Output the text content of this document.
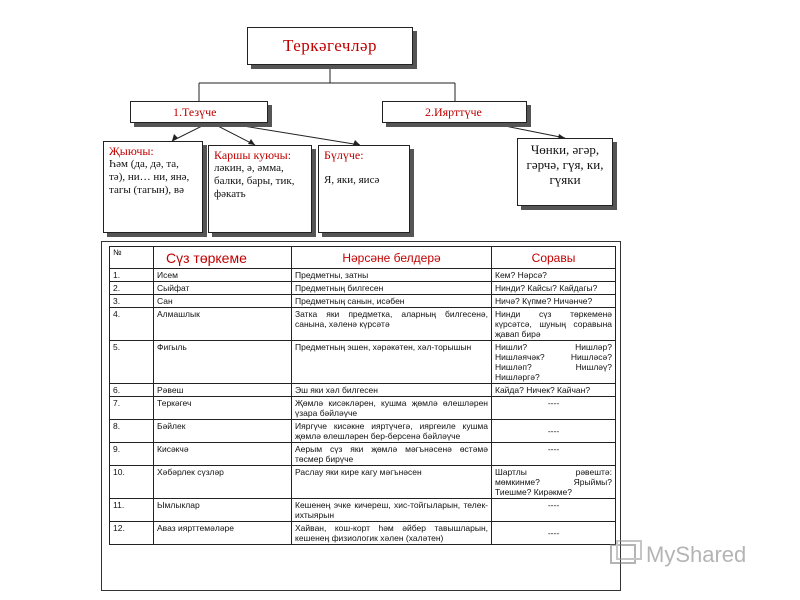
Теркәгечләр
1.Тезүче	2.Иярттүче
Җыючы:
Һәм (да, дә, та, тә), ни… ни, янә, тагы (тагын), вә
Каршы куючы:
ләкин, ә, әмма, балки, бары, тик, фәкать
Бүлүче:
Я, яки, яисә
Чөнки, әгәр, гәрчә, гүя, ки, гүяки
№	Сүз төркеме	Нәрсәне белдерә	Соравы
1.	Исем	Предметны, затны	Кем? Нәрсә?
2.	Сыйфат	Предметның билгесен	Нинди? Кайсы? Кайдагы?
3.	Сан	Предметның санын, исәбен	Ничә? Күпме? Ничәнче?
4.	Алмашлык	Затка яки предметка, аларның билгесенә, санына, хәленә күрсәтә	Нинди сүз төркеменә күрсәтсә, шуның соравына җавап бирә
5.	Фигыль	Предметның эшен, хәрәкәтен, хәл-торышын	Нишли? Нишләр? Нишләячәк? Нишләсә? Нишләп? Нишләү? Нишләргә?
6.	Рәвеш	Эш яки хәл билгесен	Кайда? Ничек? Кайчан?
7.	Теркәгеч	Җөмлә кисәкләрен, кушма җөмлә өлешләрен үзара бәйләүче	----
8.	Бәйлек	Ияргүче кисәкне ияртүчегә, ияргеиле кушма җөмлә өлешләрен бер-берсенә бәйләүче	----
9.	Кисәкчә	Аерым сүз яки җөмлә мәгънәсенә өстәмә төсмер бирүче	----
10.	Хәбәрлек сүзләр	Раслау яки кире кагу мәгънәсен	Шартлы рәвештә: мөмкинме? Ярыймы? Тиешме? Кирәкме?
11.	Ымлыклар	Кешенең эчке кичереш, хис-тойгыларын, телек-ихтыярын	----
12.	Аваз иярттемәләре	Хайван, кош-корт һәм әйбер тавышларын, кешенең физиологик хәлен (халәтен)	----
MyShared
